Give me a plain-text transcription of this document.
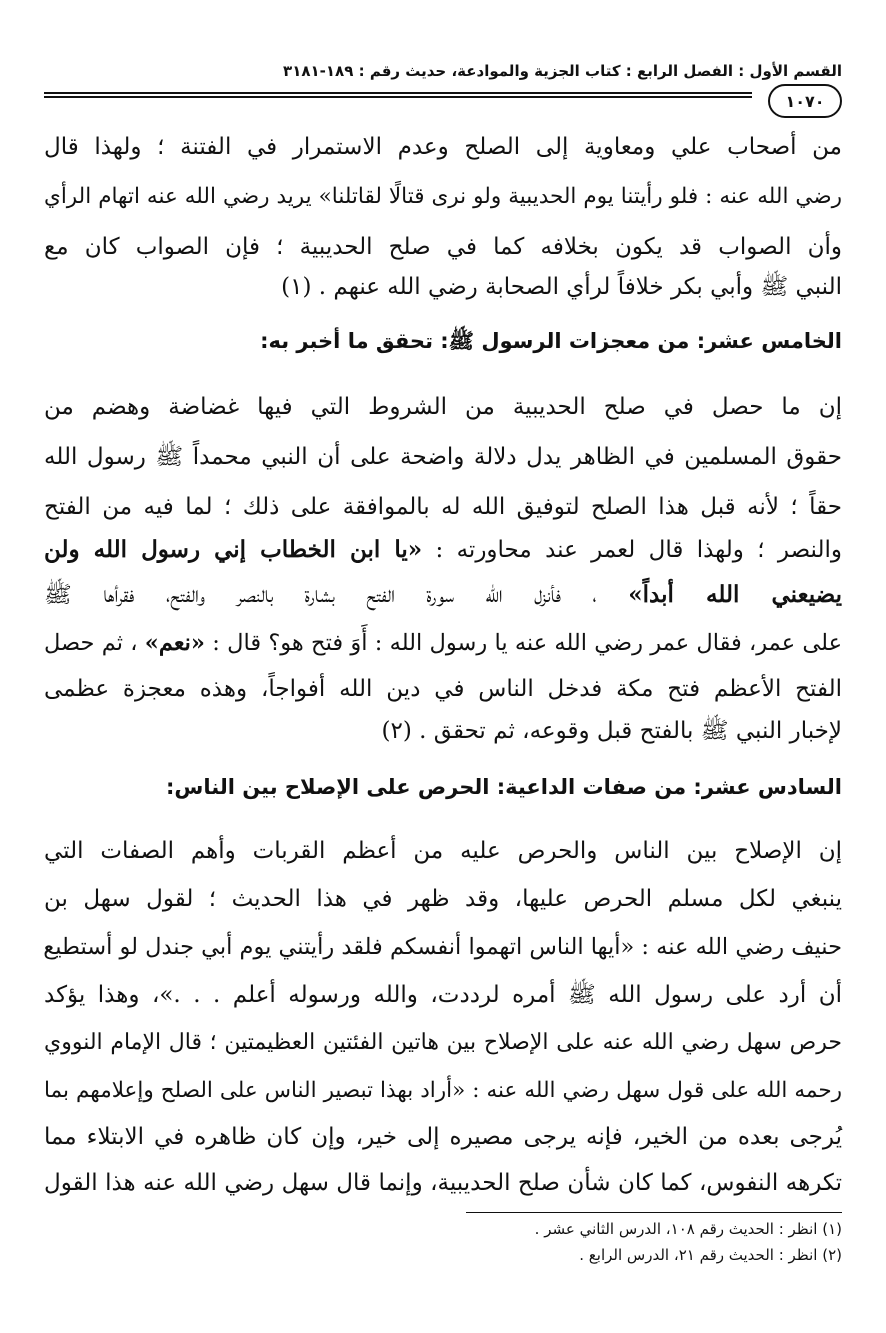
القسم الأول : الفصل الرابع : كتاب الجزية والموادعة، حديث رقم : ١٨٩-٣١٨١
١٠٧٠
من أصحاب علي ومعاوية إلى الصلح وعدم الاستمرار في الفتنة ؛ ولهذا قال
رضي الله عنه : فلو رأيتنا يوم الحديبية ولو نرى قتالًا لقاتلنا» يريد رضي الله عنه اتهام الرأي
وأن الصواب قد يكون بخلافه كما في صلح الحديبية ؛ فإن الصواب كان مع
النبي ﷺ وأبي بكر خلافاً لرأي الصحابة رضي الله عنهم . (١)
الخامس عشر: من معجزات الرسول ﷺ: تحقق ما أخبر به:
إن ما حصل في صلح الحديبية من الشروط التي فيها غضاضة وهضم من
حقوق المسلمين في الظاهر يدل دلالة واضحة على أن النبي محمداً ﷺ رسول الله
حقاً ؛ لأنه قبل هذا الصلح لتوفيق الله له بالموافقة على ذلك ؛ لما فيه من الفتح
والنصر ؛ ولهذا قال لعمر عند محاورته : «يا ابن الخطاب إني رسول الله ولن
يضيعني الله أبداً» ، فأنزل الله سورة الفتح بشارة بالنصر والفتح، فقرأها ﷺ
على عمر، فقال عمر رضي الله عنه يا رسول الله : أَوَ فتح هو؟ قال : «نعم» ، ثم حصل
الفتح الأعظم فتح مكة فدخل الناس في دين الله أفواجاً، وهذه معجزة عظمى
لإخبار النبي ﷺ بالفتح قبل وقوعه، ثم تحقق . (٢)
السادس عشر: من صفات الداعية: الحرص على الإصلاح بين الناس:
إن الإصلاح بين الناس والحرص عليه من أعظم القربات وأهم الصفات التي
ينبغي لكل مسلم الحرص عليها، وقد ظهر في هذا الحديث ؛ لقول سهل بن
حنيف رضي الله عنه : «أيها الناس اتهموا أنفسكم فلقد رأيتني يوم أبي جندل لو أستطيع
أن أرد على رسول الله ﷺ أمره لرددت، والله ورسوله أعلم . . .»، وهذا يؤكد
حرص سهل رضي الله عنه على الإصلاح بين هاتين الفئتين العظيمتين ؛ قال الإمام النووي
رحمه الله على قول سهل رضي الله عنه : «أراد بهذا تبصير الناس على الصلح وإعلامهم بما
يُرجى بعده من الخير، فإنه يرجى مصيره إلى خير، وإن كان ظاهره في الابتلاء مما
تكرهه النفوس، كما كان شأن صلح الحديبية، وإنما قال سهل رضي الله عنه هذا القول
(١) انظر : الحديث رقم ١٠٨، الدرس الثاني عشر .
(٢) انظر : الحديث رقم ٢١، الدرس الرابع .
